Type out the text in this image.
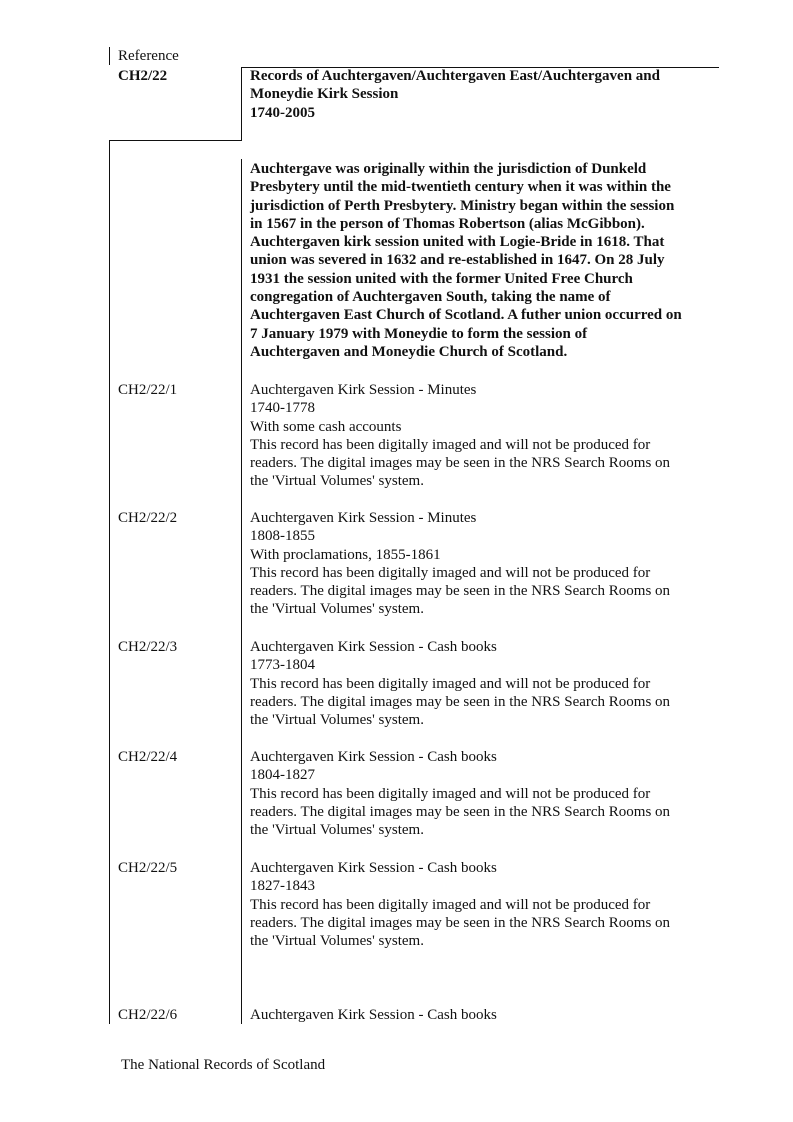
Reference
CH2/22	Records of Auchtergaven/Auchtergaven East/Auchtergaven and
Moneydie Kirk Session
1740-2005
Auchtergave was originally within the jurisdiction of Dunkeld
Presbytery until the mid-twentieth century when it was within the
jurisdiction of Perth Presbytery. Ministry began within the session
in 1567 in the person of Thomas Robertson (alias McGibbon).
Auchtergaven kirk session united with Logie-Bride in 1618. That
union was severed in 1632 and re-established in 1647. On 28 July
1931 the session united with the former United Free Church
congregation of Auchtergaven South, taking the name of
Auchtergaven East Church of Scotland. A futher union occurred on
7 January 1979 with Moneydie to form the session of
Auchtergaven and Moneydie Church of Scotland.
CH2/22/1	Auchtergaven Kirk Session - Minutes
1740-1778
With some cash accounts
This record has been digitally imaged and will not be produced for
readers. The digital images may be seen in the NRS Search Rooms on
the 'Virtual Volumes' system.
CH2/22/2	Auchtergaven Kirk Session - Minutes
1808-1855
With proclamations, 1855-1861
This record has been digitally imaged and will not be produced for
readers. The digital images may be seen in the NRS Search Rooms on
the 'Virtual Volumes' system.
CH2/22/3	Auchtergaven Kirk Session - Cash books
1773-1804
This record has been digitally imaged and will not be produced for
readers. The digital images may be seen in the NRS Search Rooms on
the 'Virtual Volumes' system.
CH2/22/4	Auchtergaven Kirk Session - Cash books
1804-1827
This record has been digitally imaged and will not be produced for
readers. The digital images may be seen in the NRS Search Rooms on
the 'Virtual Volumes' system.
CH2/22/5	Auchtergaven Kirk Session - Cash books
1827-1843
This record has been digitally imaged and will not be produced for
readers. The digital images may be seen in the NRS Search Rooms on
the 'Virtual Volumes' system.
CH2/22/6	Auchtergaven Kirk Session - Cash books
The National Records of Scotland
